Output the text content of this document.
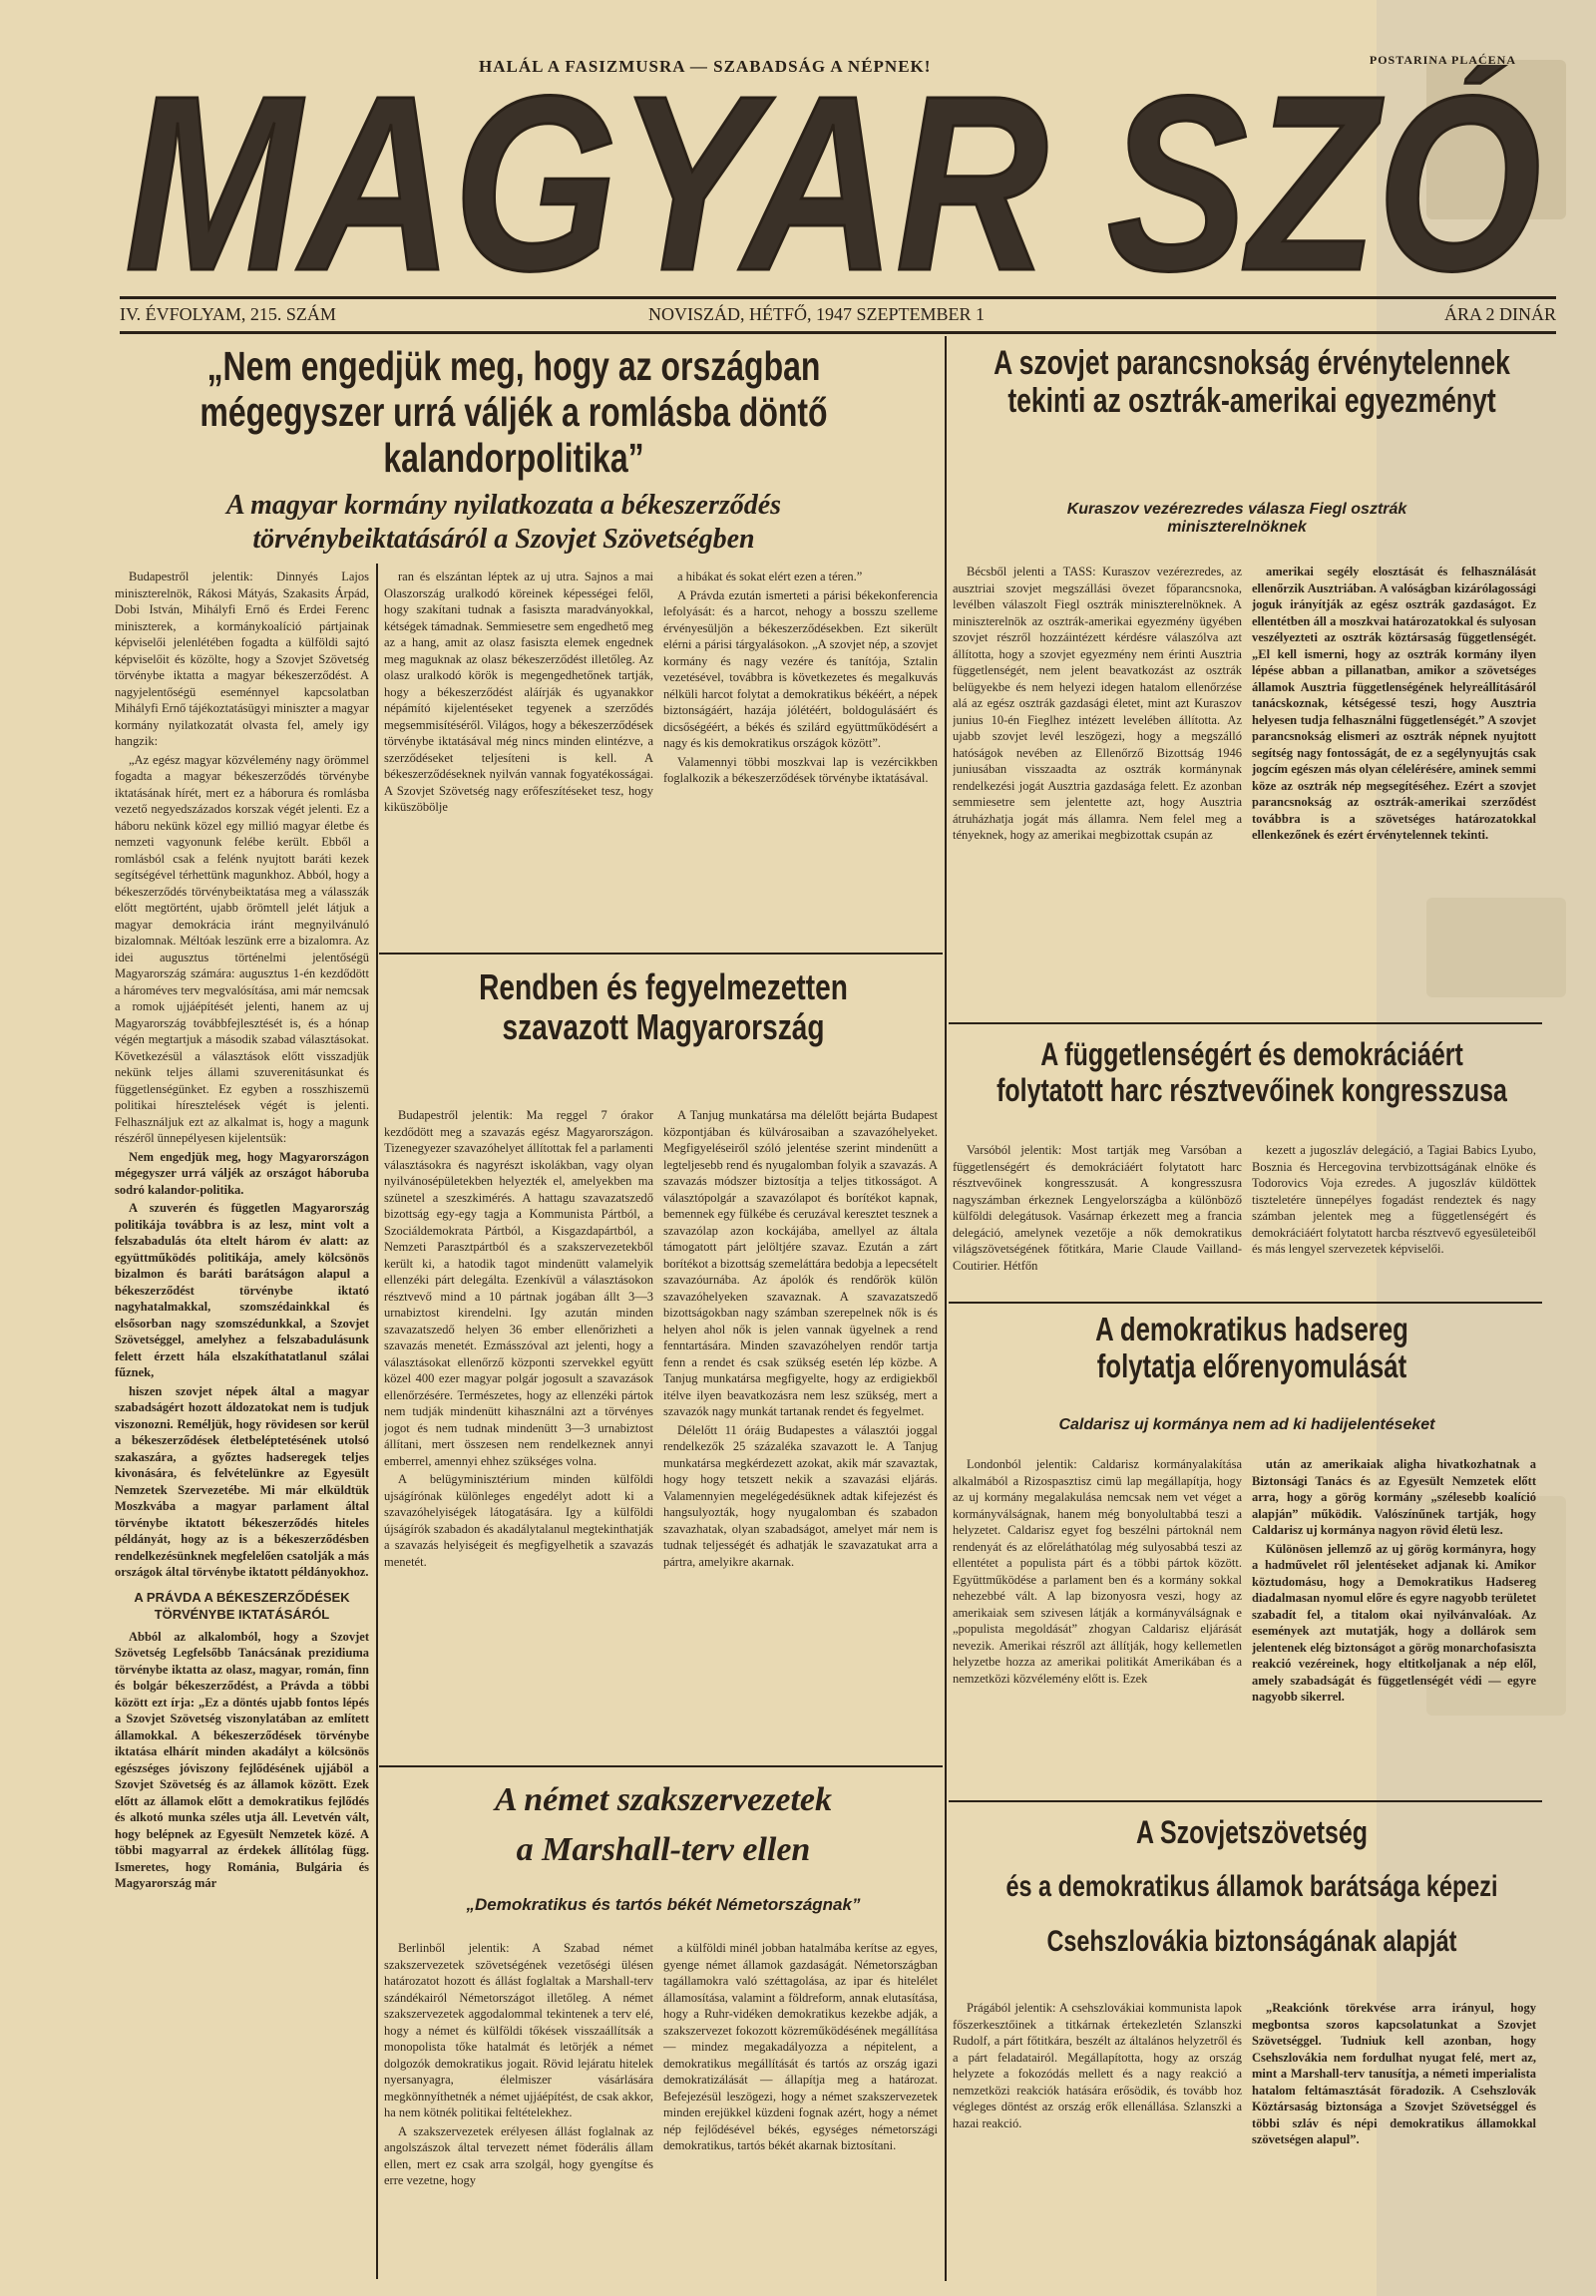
HALÁL A FASIZMUSRA — SZABADSÁG A NÉPNEK!	POSTARINA PLAĆENA
MAGYAR SZÓ
IV. ÉVFOLYAM, 215. SZÁM	NOVISZÁD, HÉTFŐ, 1947 SZEPTEMBER 1	ÁRA 2 DINÁR
„Nem engedjük meg, hogy az országban mégegyszer urrá váljék a romlásba döntő kalandorpolitika”
A magyar kormány nyilatkozata a békeszerződés törvénybeiktatásáról a Szovjet Szövetségben

Budapestről jelentik: Dinnyés Lajos miniszterelnök, Rákosi Mátyás, Szakasits Árpád, Dobi István, Mihályfi Ernő és Erdei Ferenc miniszterek, a kormánykoalíció pártjainak képviselői jelenlétében fogadta a külföldi sajtó képviselőit és közölte, hogy a Szovjet Szövetség törvénybe iktatta a magyar békeszerződést. A nagyjelentőségü eseménnyel kapcsolatban Mihályfi Ernő tájékoztatásügyi miniszter a magyar kormány nyilatkozatát olvasta fel, amely igy hangzik:

„Az egész magyar közvélemény nagy örömmel fogadta a magyar békeszerződés törvénybe iktatásának hírét, mert ez a háborura és romlásba vezető negyedszázados korszak végét jelenti. Ez a háboru nekünk közel egy millió magyar életbe és nemzeti vagyonunk felébe került. Ebből a romlásból csak a felénk nyujtott baráti kezek segítségével térhettünk magunkhoz. Abból, hogy a békeszerződés törvénybeiktatása meg a válasszák előtt megtörtént, ujabb örömtell jelét látjuk a magyar demokrácia iránt megnyilvánuló bizalomnak. Méltóak leszünk erre a bizalomra. Az idei augusztus történelmi jelentőségü Magyarország számára: augusztus 1-én kezdődött a hároméves terv megvalósítása, ami már nemcsak a romok ujjáépítését jelenti, hanem az uj Magyarország továbbfejlesztését is, és a hónap végén megtartjuk a második szabad választásokat. Következésül a választások előtt visszadjük nekünk teljes állami szuverenitásunkat és függetlenségünket. Ez egyben a rosszhiszemü politikai híresztelések végét is jelenti. Felhasználjuk ezt az alkalmat is, hogy a magunk részéről ünnepélyesen kijelentsük:

Nem engedjük meg, hogy Magyarországon mégegyszer urrá váljék az országot háboruba sodró kalandor-politika.

A szuverén és független Magyarország politikája továbbra is az lesz, mint volt a felszabadulás óta eltelt három év alatt: az együttműködés politikája, amely kölcsönös bizalmon és baráti barátságon alapul a békeszerződést törvénybe iktató nagyhatalmakkal, szomszédainkkal és elsősorban nagy szomszédunkkal, a Szovjet Szövetséggel, amelyhez a felszabadulásunk felett érzett hála elszakíthatatlanul szálai fűznek,

hiszen szovjet népek által a magyar szabadságért hozott áldozatokat nem is tudjuk viszonozni. Reméljük, hogy rövidesen sor kerül a békeszerződések életbeléptetésének utolsó szakaszára, a győztes hadseregek teljes kivonására, és felvételünkre az Egyesült Nemzetek Szervezetébe. Mi már elküldtük Moszkvába a magyar parlament által törvénybe iktatott békeszerződés hiteles példányát, hogy az is a békeszerződésben rendelkezésünknek megfelelően csatolják a más országok által törvénybe iktatott példányokhoz.

A PRÁVDA A BÉKESZERZŐDÉSEK TÖRVÉNYBE IKTATÁSÁRÓL

Abból az alkalomból, hogy a Szovjet Szövetség Legfelsőbb Tanácsának prezidiuma törvénybe iktatta az olasz, magyar, román, finn és bolgár békeszerződést, a Právda a többi között ezt írja: „Ez a döntés ujabb fontos lépés a Szovjet Szövetség viszonylatában az említett államokkal. A békeszerződések törvénybe iktatása elhárít minden akadályt a kölcsönös egészséges jóviszony fejlődésének ujjáböl a Szovjet Szövetség és az államok között. Ezek előtt az államok előtt a demokratikus fejlődés és alkotó munka széles utja áll. Levetvén vált, hogy belépnek az Egyesült Nemzetek közé. A többi magyarral az érdekek állítólag függ. Ismeretes, hogy Románia, Bulgária és Magyarország már

ran és elszántan léptek az uj utra. Sajnos a mai Olaszország uralkodó köreinek képességei felől, hogy szakítani tudnak a fasiszta maradványokkal, kétségek támadnak. Semmiesetre sem engedhető meg az a hang, amit az olasz fasiszta elemek engednek meg maguknak az olasz békeszerződést illetőleg. Az olasz uralkodó körök is megengedhetőnek tartják, hogy a békeszerződést aláírják és ugyanakkor népámító kijelentéseket tegyenek a szerződés megsemmisítéséről. Világos, hogy a békeszerződések törvénybe iktatásával még nincs minden elintézve, a szerződéseket teljesíteni is kell. A békeszerződéseknek nyilván vannak fogyatékosságai. A Szovjet Szövetség nagy erőfeszítéseket tesz, hogy kiküszöbölje

a hibákat és sokat elért ezen a téren.”

A Právda ezután ismerteti a párisi békekonferencia lefolyását: és a harcot, nehogy a bosszu szelleme érvényesüljön a békeszerződésekben. Ezt sikerült elérni a párisi tárgyalásokon. „A szovjet nép, a szovjet kormány és nagy vezére és tanítója, Sztalin vezetésével, továbbra is következetes és megalkuvás nélküli harcot folytat a demokratikus békéért, a népek biztonságáért, hazája jólétéért, boldogulásáért és dicsőségéért, a békés és szilárd együttműködésért a nagy és kis demokratikus országok között”.

Valamennyi többi moszkvai lap is vezércikkben foglalkozik a békeszerződések törvénybe iktatásával.

Rendben és fegyelmezetten szavazott Magyarország

Budapestről jelentik: Ma reggel 7 órakor kezdődött meg a szavazás egész Magyarországon. Tizenegyezer szavazóhelyet állítottak fel a parlamenti választásokra és nagyrészt iskolákban, vagy olyan nyilvánosépületekben helyezték el, amelyekben ma szünetel a szeszkimérés. A hattagu szavazatszedő bizottság egy-egy tagja a Kommunista Pártból, a Szociáldemokrata Pártból, a Kisgazdapártból, a Nemzeti Parasztpártból és a szakszervezetekből került ki, a hatodik tagot mindenütt valamelyik ellenzéki párt delegálta. Ezenkívül a választásokon résztvevő mind a 10 pártnak jogában állt 3—3 urnabiztost kirendelni. Igy azután minden szavazatszedő helyen 36 ember ellenőrizheti a szavazás menetét. Ezmásszóval azt jelenti, hogy a választásokat ellenőrző központi szervekkel együtt közel 400 ezer magyar polgár jogosult a szavazások ellenőrzésére. Természetes, hogy az ellenzéki pártok nem tudják mindenütt kihasználni azt a törvényes jogot és nem tudnak mindenütt 3—3 urnabiztost állítani, mert összesen nem rendelkeznek annyi emberrel, amennyi ehhez szükséges volna.

A belügyminisztérium minden külföldi ujságírónak különleges engedélyt adott ki a szavazóhelyiségek látogatására. Igy a külföldi újságírók szabadon és akadálytalanul megtekinthatják a szavazás helyiségeit és megfigyelhetik a szavazás menetét.

A Tanjug munkatársa ma délelőtt bejárta Budapest központjában és külvárosaiban a szavazóhelyeket. Megfigyeléseiről szóló jelentése szerint mindenütt a legteljesebb rend és nyugalomban folyik a szavazás. A szavazás módszer biztosítja a teljes titkosságot. A választópolgár a szavazólapot és borítékot kapnak, bemennek egy fülkébe és ceruzával keresztet tesznek a szavazólap azon kockájába, amellyel az általa támogatott párt jelöltjére szavaz. Ezután a zárt borítékot a bizottság szemeláttára bedobja a lepecsételt szavazóurnába. Az ápolók és rendőrök külön szavazóhelyeken szavaznak. A szavazatszedő bizottságokban nagy számban szerepelnek nők is és helyen ahol nők is jelen vannak ügyelnek a rend fenntartására. Minden szavazóhelyen rendőr tartja fenn a rendet és csak szükség esetén lép közbe. A Tanjug munkatársa megfigyelte, hogy az erdigiekből itélve ilyen beavatkozásra nem lesz szükség, mert a szavazók nagy munkát tartanak rendet és fegyelmet.

Délelőtt 11 óráig Budapestes a választói joggal rendelkezők 25 százaléka szavazott le. A Tanjug munkatársa megkérdezett azokat, akik már szavaztak, hogy hogy tetszett nekik a szavazási eljárás. Valamennyien megelégedésüknek adtak kifejezést és hangsulyozták, hogy nyugalomban és szabadon szavazhatak, olyan szabadságot, amelyet már nem is tudnak teljességét és adhatják le szavazatukat arra a pártra, amelyikre akarnak.

A német szakszervezetek
a Marshall-terv ellen
„Demokratikus és tartós békét Németországnak”

Berlinből jelentik: A Szabad német szakszervezetek szövetségének vezetőségi ülésen határozatot hozott és állást foglaltak a Marshall-terv szándékairól Németországot illetőleg. A német szakszervezetek aggodalommal tekintenek a terv elé, hogy a német és külföldi tőkések visszaállítsák a monopolista tőke hatalmát és letörjék a német dolgozók demokratikus jogait. Rövid lejáratu hitelek nyersanyagra, élelmiszer vásárlására megkönnyíthetnék a német ujjáépítést, de csak akkor, ha nem kötnék politikai feltételekhez.

A szakszervezetek erélyesen állást foglalnak az angolszászok által tervezett német föderális állam ellen, mert ez csak arra szolgál, hogy gyengítse és erre vezetne, hogy

a külföldi minél jobban hatalmába kerítse az egyes, gyenge német államok gazdaságát. Németországban tagállamokra való széttagolása, az ipar és hitelélet államosítása, valamint a földreform, annak elutasítása, hogy a Ruhr-vidéken demokratikus kezekbe adják, a szakszervezet fokozott közreműködésének megállítása — mindez megakadályozza a népitelent, a demokratikus megállítását és tartós az ország igazi demokratizálását — állapítja meg a határozat. Befejezésül leszögezi, hogy a német szakszervezetek minden erejükkel küzdeni fognak azért, hogy a német nép fejlődésével békés, egységes németországi demokratikus, tartós békét akarnak biztosítani.

A szovjet parancsnokság érvénytelennek tekinti az osztrák-amerikai egyezményt
Kuraszov vezérezredes válasza Fiegl osztrák miniszterelnöknek

Bécsből jelenti a TASS: Kuraszov vezérezredes, az ausztriai szovjet megszállási övezet főparancsnoka, levélben válaszolt Fiegl osztrák miniszterelnöknek. A miniszterelnök az osztrák-amerikai egyezmény ügyében szovjet részről hozzáintézett kérdésre válaszólva azt állította, hogy a szovjet egyezmény nem érinti Ausztria függetlenségét, nem jelent beavatkozást az osztrák belügyekbe és nem helyezi idegen hatalom ellenőrzése alá az egész osztrák gazdasági életet, mint azt Kuraszov junius 10-én Fieglhez intézett levelében állította. Az ujabb szovjet levél leszögezi, hogy a megszálló hatóságok nevében az Ellenőrző Bizottság 1946 juniusában visszaadta az osztrák kormánynak rendelkezési jogát Ausztria gazdasága felett. Ez azonban semmiesetre sem jelentette azt, hogy Ausztria átruházhatja jogát más államra. Nem felel meg a tényeknek, hogy az amerikai megbizottak csupán az

amerikai segély elosztását és felhasználását ellenőrzik Ausztriában. A valóságban kizárólagossági joguk irányítják az egész osztrák gazdaságot. Ez ellentétben áll a moszkvai határozatokkal és sulyosan veszélyezteti az osztrák köztársaság függetlenségét. „El kell ismerni, hogy az osztrák kormány ilyen lépése abban a pillanatban, amikor a szövetséges államok Ausztria függetlenségének helyreállításáról tanácskoznak, kétségessé teszi, hogy Ausztria helyesen tudja felhasználni függetlenségét.” A szovjet parancsnokság elismeri az osztrák népnek nyujtott segítség nagy fontosságát, de ez a segélynyujtás csak jogcím egészen más olyan célelérésére, aminek semmi köze az osztrák nép megsegítéséhez. Ezért a szovjet parancsnokság az osztrák-amerikai szerződést továbbra is a szövetséges határozatokkal ellenkezőnek és ezért érvénytelennek tekinti.

A függetlenségért és demokráciáért folytatott harc résztvevőinek kongresszusa

Varsóból jelentik: Most tartják meg Varsóban a függetlenségért és demokráciáért folytatott harc résztvevőinek kongresszusát. A kongresszusra nagyszámban érkeznek Lengyelországba a különböző külföldi delegátusok. Vasárnap érkezett meg a francia delegáció, amelynek vezetője a nők demokratikus világszövetségének főtitkára, Marie Claude Vailland-Coutirier. Hétfőn

kezett a jugoszláv delegáció, a Tagiai Babics Lyubo, Bosznia és Hercegovina tervbizottságának elnöke és Todorovics Voja ezredes. A jugoszláv küldöttek tiszteletére ünnepélyes fogadást rendeztek és nagy számban jelentek meg a függetlenségért és demokráciáért folytatott harcba résztvevő egyesületeiből és más lengyel szervezetek képviselői.

A demokratikus hadsereg folytatja előrenyomulását
Caldarisz uj kormánya nem ad ki hadijelentéseket

Londonból jelentik: Caldarisz kormányalakítása alkalmából a Rizospasztisz cimü lap megállapítja, hogy az uj kormány megalakulása nemcsak nem vet véget a kormányválságnak, hanem még bonyolultabbá teszi a helyzetet. Caldarisz egyet fog beszélni pártoknál nem rendenyát és az előreláthatólag még sulyosabbá teszi az ellentétet a populista párt és a többi pártok között. Együttműködése a parlament ben és a kormány sokkal nehezebbé vált. A lap bizonyosra veszi, hogy az amerikaiak sem szivesen látják a kormányválságnak e „populista megoldását” zhogyan Caldarisz eljárását nevezik. Amerikai részről azt állítják, hogy kellemetlen helyzetbe hozza az amerikai politikát Amerikában és a nemzetközi közvélemény előtt is. Ezek

után az amerikaiak aligha hivatkozhatnak a Biztonsági Tanács és az Egyesült Nemzetek előtt arra, hogy a görög kormány „szélesebb koalíció alapján” működik. Valószínűnek tartják, hogy Caldarisz uj kormánya nagyon rövid életü lesz.

Különösen jellemző az uj görög kormányra, hogy a hadművelet ről jelentéseket adjanak ki. Amikor köztudomásu, hogy a Demokratikus Hadsereg diadalmasan nyomul előre és egyre nagyobb területet szabadít fel, a titalom okai nyilvánvalóak. Az események azt mutatják, hogy a dollárok sem jelentenek elég biztonságot a görög monarchofasiszta reakció vezéreinek, hogy eltitkoljanak a nép elől, amely szabadságát és függetlenségét védi — egyre nagyobb sikerrel.

A Szovjetszövetség
és a demokratikus államok barátsága képezi
Csehszlovákia biztonságának alapját

Prágából jelentik: A csehszlovákiai kommunista lapok főszerkesztőinek a titkárnak értekezletén Szlanszki Rudolf, a párt főtitkára, beszélt az általános helyzetről és a párt feladatairól. Megállapította, hogy az ország helyzete a fokozódás mellett és a nagy reakció a nemzetközi reakciók hatására erősödik, és tovább hoz végleges döntést az ország erők ellenállása. Szlanszki a hazai reakció.

„Reakciónk törekvése arra irányul, hogy megbontsa szoros kapcsolatunkat a Szovjet Szövetséggel. Tudniuk kell azonban, hogy Csehszlovákia nem fordulhat nyugat felé, mert az, mint a Marshall-terv tanusítja, a németi imperialista hatalom feltámasztását föradozik. A Csehszlovák Köztársaság biztonsága a Szovjet Szövetséggel és többi szláv és népi demokratikus államokkal szövetségen alapul”.
